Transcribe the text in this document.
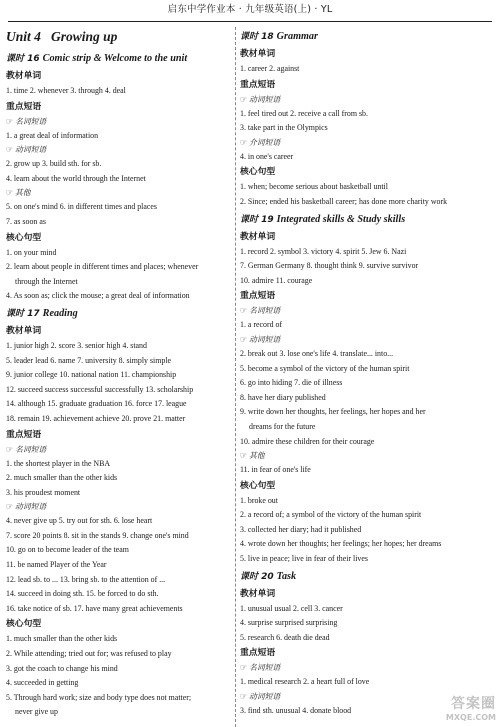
启东中学作业本 · 九年级英语(上) · YL
Unit 4 Growing up
课时 16 Comic strip & Welcome to the unit
教材单词
1. time 2. whenever 3. through 4. deal
重点短语
☞ 名词短语
1. a great deal of information
☞ 动词短语
2. grow up 3. build sth. for sb.
4. learn about the world through the Internet
☞ 其他
5. on one's mind 6. in different times and places
7. as soon as
核心句型
1. on your mind
2. learn about people in different times and places; whenever
through the Internet
4. As soon as; click the mouse; a great deal of information
课时 17 Reading
教材单词
1. junior high 2. score 3. senior high 4. stand
5. leader lead 6. name 7. university 8. simply simple
9. junior college 10. national nation 11. championship
12. succeed success successful successfully 13. scholarship
14. although 15. graduate graduation 16. force 17. league
18. remain 19. achievement achieve 20. prove 21. matter
重点短语
☞ 名词短语
1. the shortest player in the NBA
2. much smaller than the other kids
3. his proudest moment
☞ 动词短语
4. never give up 5. try out for sth. 6. lose heart
7. score 20 points 8. sit in the stands 9. change one's mind
10. go on to become leader of the team
11. be named Player of the Year
12. lead sb. to ... 13. bring sb. to the attention of ...
14. succeed in doing sth. 15. be forced to do sth.
16. take notice of sb. 17. have many great achievements
核心句型
1. much smaller than the other kids
2. While attending; tried out for; was refused to play
3. got the coach to change his mind
4. succeeded in getting
5. Through hard work; size and body type does not matter;
never give up
课时 18 Grammar
教材单词
1. career 2. against
重点短语
☞ 动词短语
1. feel tired out 2. receive a call from sb.
3. take part in the Olympics
☞ 介词短语
4. in one's career
核心句型
1. when; become serious about basketball until
2. Since; ended his basketball career; has done more charity work
课时 19 Integrated skills & Study skills
教材单词
1. record 2. symbol 3. victory 4. spirit 5. Jew 6. Nazi
7. German Germany 8. thought think 9. survive survivor
10. admire 11. courage
重点短语
☞ 名词短语
1. a record of
☞ 动词短语
2. break out 3. lose one's life 4. translate... into...
5. become a symbol of the victory of the human spirit
6. go into hiding 7. die of illness
8. have her diary published
9. write down her thoughts, her feelings, her hopes and her
dreams for the future
10. admire these children for their courage
☞ 其他
11. in fear of one's life
核心句型
1. broke out
2. a record of; a symbol of the victory of the human spirit
3. collected her diary; had it published
4. wrote down her thoughts; her feelings; her hopes; her dreams
5. live in peace; live in fear of their lives
课时 20 Task
教材单词
1. unusual usual 2. cell 3. cancer
4. surprise surprised surprising
5. research 6. death die dead
重点短语
☞ 名词短语
1. medical research 2. a heart full of love
☞ 动词短语
3. find sth. unusual 4. donate blood	答案圈
MXQE.COM
